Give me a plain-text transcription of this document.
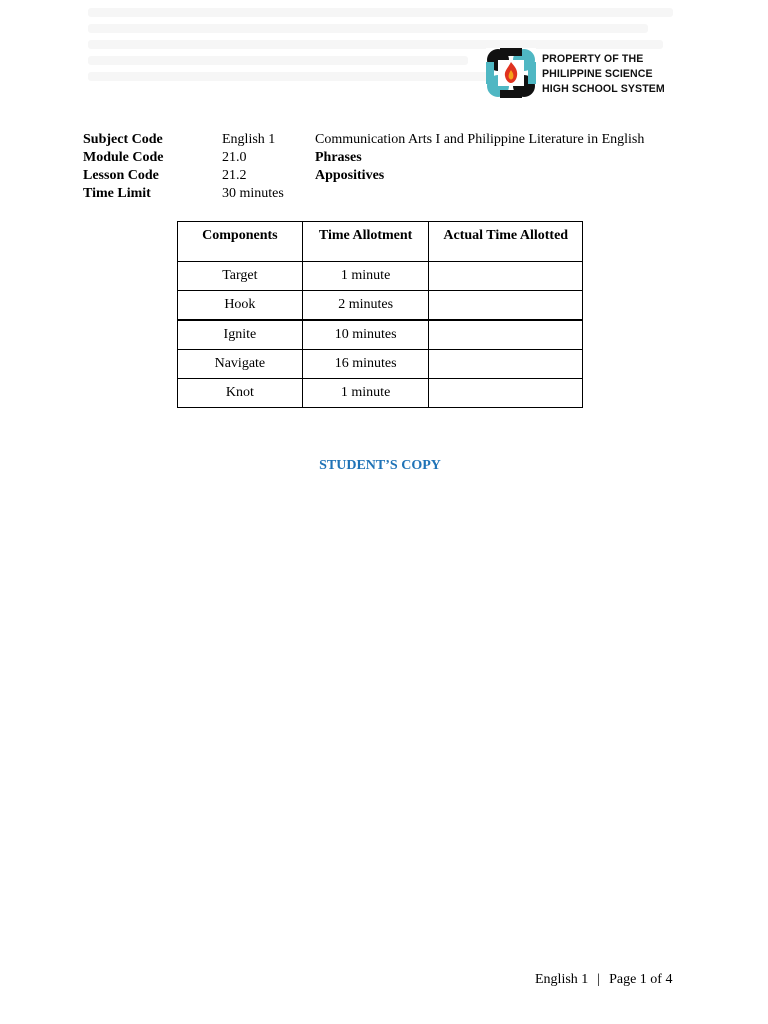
PROPERTY OF THE
PHILIPPINE SCIENCE
HIGH SCHOOL SYSTEM
Subject Code	English 1	Communication Arts I and Philippine Literature in English
Module Code	21.0	Phrases
Lesson Code	21.2	Appositives
Time Limit	30 minutes
Components	Time Allotment	Actual Time Allotted
Target	1 minute	
Hook	2 minutes	
Ignite	10 minutes	
Navigate	16 minutes	
Knot	1 minute	
STUDENT’S COPY
English 1 | Page 1 of 4
